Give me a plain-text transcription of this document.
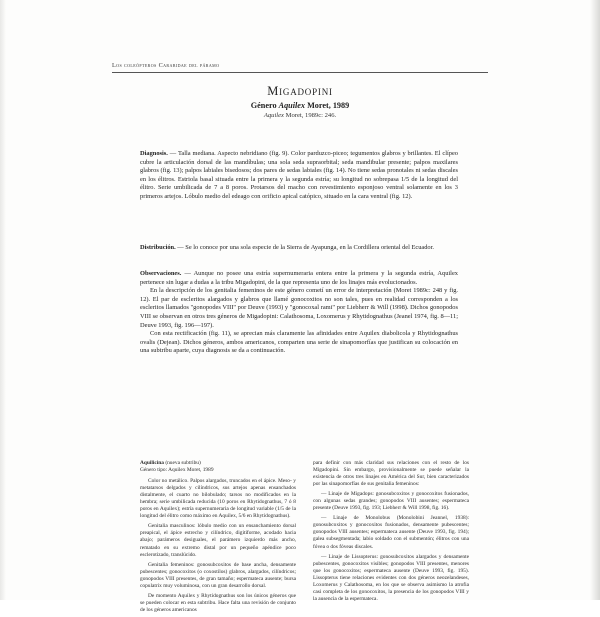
Los coleópteros Carabidae del páramo
Migadopini
Género Aquilex Moret, 1989
Aquilex Moret, 1989c: 246.
Diagnosis. — Talla mediana. Aspecto nebridiano (fig. 9). Color parduzco-piceo; tegumentos glabros y brillantes. El clípeo cubre la articulación dorsal de las mandíbulas; una sola seda supraorbital; seda mandibular presente; palpos maxilares glabros (fig. 13); palpos labiales bisedosos; dos pares de sedas labiales (fig. 14). No tiene sedas pronotales ni sedas discales en los élitros. Estriola basal situada entre la primera y la segunda estría; su longitud no sobrepasa 1/5 de la longitud del élitro. Serie umbilicada de 7 a 8 poros. Protarsos del macho con revestimiento esponjoso ventral solamente en los 3 primeros artejos. Lóbulo medio del edeago con orificio apical catópico, situado en la cara ventral (fig. 12).
Distribución. — Se lo conoce por una sola especie de la Sierra de Ayapunga, en la Cordillera oriental del Ecuador.
Observaciones. — Aunque no posee una estría supernumeraria entera entre la primera y la segunda estría, Aquilex pertenece sin lugar a dudas a la tribu Migadopini, de la que representa uno de los linajes más evolucionados.
En la descripción de los genitalia femeninos de este género cometí un error de interpretación (Moret 1989c: 248 y fig. 12). El par de escleritos alargados y glabros que llamé gonocoxitos no son tales, pues en realidad corresponden a los escleritos llamados "gonopodes VIII" por Deuve (1993) y "gonocoxal rami" por Liebherr & Will (1998). Dichos gonopodos VIII se observan en otros tres géneros de Migadopini: Calathosoma, Loxomerus y Rhytidognathus (Jeanel 1974, fig. 8—11; Deuve 1993, fig. 196—197).
Con esta rectificación (fig. 11), se aprecian más claramente las afinidades entre Aquilex diabolicola y Rhytidognathus ovalis (Dejean). Dichos géneros, ambos americanos, comparten una serie de sinapomorfías que justifican su colocación en una subtribu aparte, cuya diagnosis se da a continuación.

Aquilicina (nueva subtribu)

Género tipo: Aquilex Moret, 1989

Color no metálico. Palpos alargados, truncados en el ápice. Meso- y metatarsos delgados y cilíndricos, sus artejos apenas ensanchados distalmente, el cuarto no bilobulado; tarsos no modificados en la hembra; serie umbilicada reducida (10 poros en Rhytidognathus, 7 ó 8 poros en Aquilex); estría supernumeraria de longitud variable (1/5 de la longitud del élitro como máximo en Aquilex, 5/6 en Rhytidognathus).

Genitalia masculinos: lóbulo medio con un ensanchamiento dorsal preapical, el ápice estrecho y cilíndrico, digitiforme, acodado hacia abajo; parámeros desiguales, el parámero izquierdo más ancho, rematado en su extremo distal por un pequeño apéndice poco esclerotizado, translúcido.

Genitalia femeninos: gonosubcoxitos de base ancha, densamente pubescentes; gonocoxitos (o coxostilos) glabros, alargados, cilíndricos; gonopodos VIII presentes, de gran tamaño; espermateca ausente; bursa copulatrix muy voluminosa, con un gran desarrollo dorsal.

De momento Aquilex y Rhytidognathus son los únicos géneros que se pueden colocar en esta subtribu. Hace falta una revisión de conjunto de los géneros americanos

para definir con más claridad sus relaciones con el resto de los Migadopini. Sin embargo, provisionalmente se puede señalar la existencia de otros tres linajes en América del Sur, bien caracterizados por las sinapomorfías de sus genitalia femeninos:

— Linaje de Migadops: gonosubcoxitos y gonocoxitos fusionados, con algunas sedas grandes; gonopodos VIII ausentes; espermateca presente (Deuve 1993, fig. 193; Liebherr & Will 1998, fig. 16).

— Linaje de Monolobus (Monolobini Jeannel, 1938): gonosubcoxitos y gonocoxitos fusionados, densamente pubescentes; gonopodos VIII ausentes; espermateca ausente (Deuve 1993, fig. 194); galea subsegmentada; labio soldado con el submentón; élitros con una fóvea o dos fóveas discales.

— Linaje de Lissopterus: gonosubcoxitos alargados y densamente pubescentes, gonocoxitos visibles; gonopodos VIII presentes, menores que los gonocoxitos; espermateca ausente (Deuve 1993, fig. 195). Lissopterus tiene relaciones evidentes con dos géneros neozelandeses, Loxomerus y Calathosoma, en los que se observa asimismo la atrofia casi completa de los gonocoxitos, la presencia de los gonopodos VIII y la ausencia de la espermateca.
